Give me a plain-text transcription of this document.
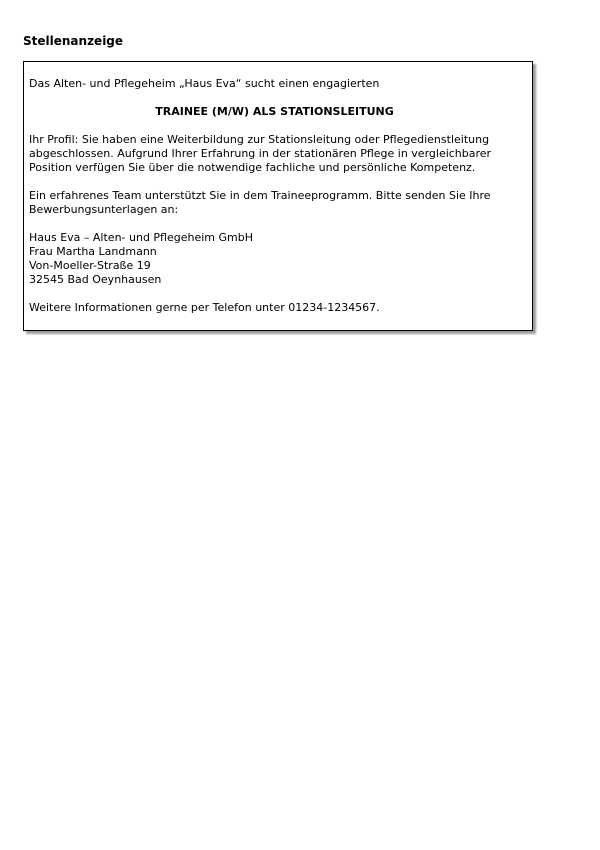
Stellenanzeige

Das Alten- und Pflegeheim „Haus Eva“ sucht einen engagierten

TRAINEE (M/W) ALS STATIONSLEITUNG

Ihr Profil: Sie haben eine Weiterbildung zur Stationsleitung oder Pflegedienstleitung
abgeschlossen. Aufgrund Ihrer Erfahrung in der stationären Pflege in vergleichbarer
Position verfügen Sie über die notwendige fachliche und persönliche Kompetenz.

Ein erfahrenes Team unterstützt Sie in dem Traineeprogramm. Bitte senden Sie Ihre
Bewerbungsunterlagen an:

Haus Eva – Alten- und Pflegeheim GmbH
Frau Martha Landmann
Von-Moeller-Straße 19
32545 Bad Oeynhausen

Weitere Informationen gerne per Telefon unter 01234-1234567.
